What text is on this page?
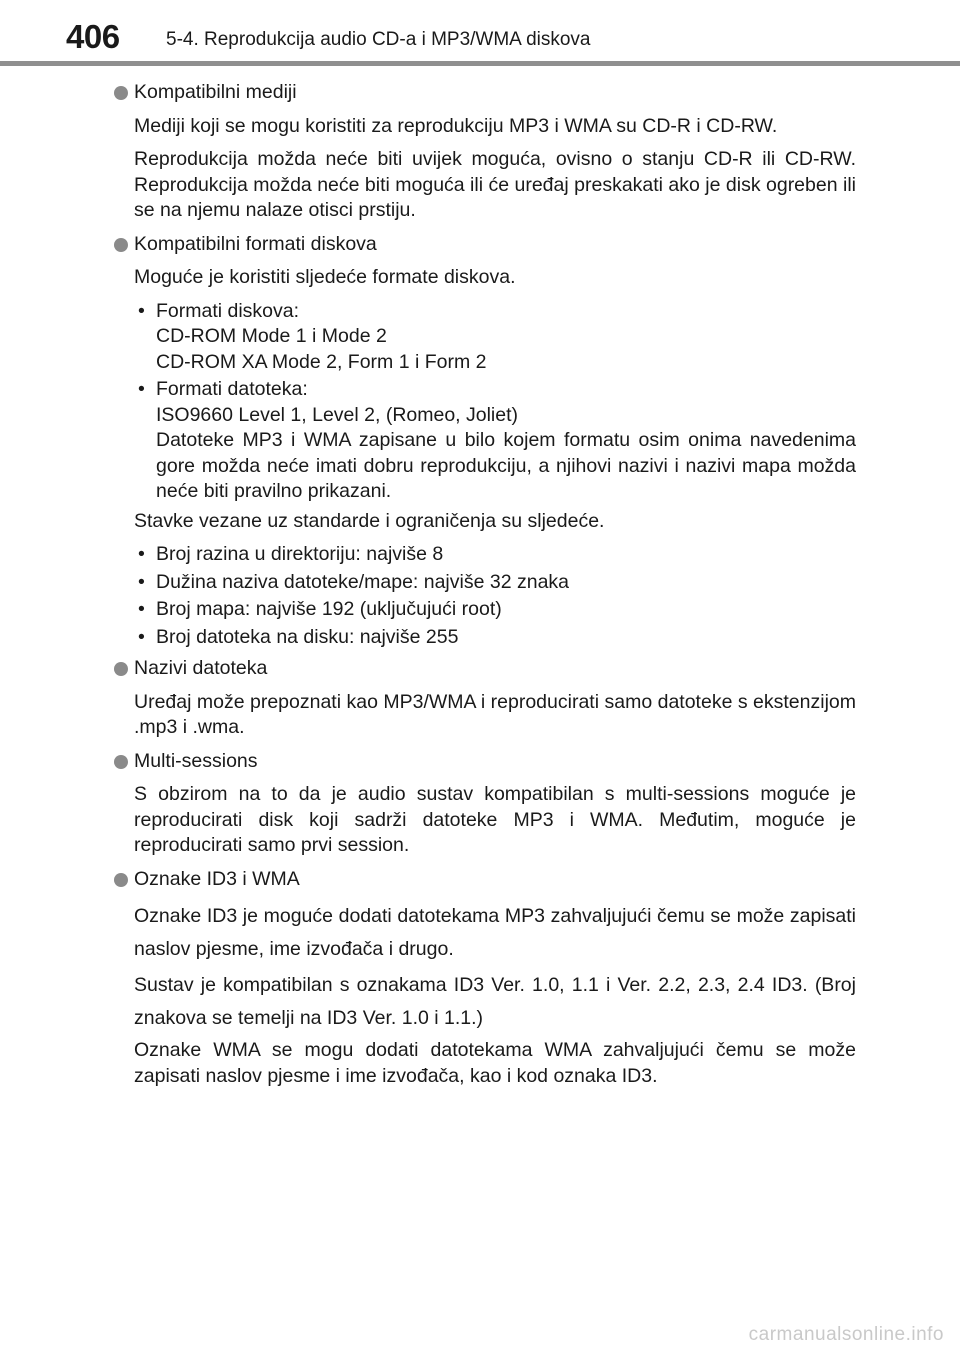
406 5-4. Reprodukcija audio CD-a i MP3/WMA diskova
Kompatibilni mediji
Mediji koji se mogu koristiti za reprodukciju MP3 i WMA su CD-R i CD-RW.
Reprodukcija možda neće biti uvijek moguća, ovisno o stanju CD-R ili CD-RW. Reprodukcija možda neće biti moguća ili će uređaj preskakati ako je disk ogreben ili se na njemu nalaze otisci prstiju.
Kompatibilni formati diskova
Moguće je koristiti sljedeće formate diskova.
• Formati diskova:
CD-ROM Mode 1 i Mode 2
CD-ROM XA Mode 2, Form 1 i Form 2
• Formati datoteka:
ISO9660 Level 1, Level 2, (Romeo, Joliet)
Datoteke MP3 i WMA zapisane u bilo kojem formatu osim onima navedenima gore možda neće imati dobru reprodukciju, a njihovi nazivi i nazivi mapa možda neće biti pravilno prikazani.
Stavke vezane uz standarde i ograničenja su sljedeće.
• Broj razina u direktoriju: najviše 8
• Dužina naziva datoteke/mape: najviše 32 znaka
• Broj mapa: najviše 192 (uključujući root)
• Broj datoteka na disku: najviše 255
Nazivi datoteka
Uređaj može prepoznati kao MP3/WMA i reproducirati samo datoteke s ekstenzijom .mp3 i .wma.
Multi-sessions
S obzirom na to da je audio sustav kompatibilan s multi-sessions moguće je reproducirati disk koji sadrži datoteke MP3 i WMA. Međutim, moguće je reproducirati samo prvi session.
Oznake ID3 i WMA
Oznake ID3 je moguće dodati datotekama MP3 zahvaljujući čemu se može zapisati naslov pjesme, ime izvođača i drugo.
Sustav je kompatibilan s oznakama ID3 Ver. 1.0, 1.1 i Ver. 2.2, 2.3, 2.4 ID3. (Broj znakova se temelji na ID3 Ver. 1.0 i 1.1.)
Oznake WMA se mogu dodati datotekama WMA zahvaljujući čemu se može zapisati naslov pjesme i ime izvođača, kao i kod oznaka ID3.
carmanualsonline.info
